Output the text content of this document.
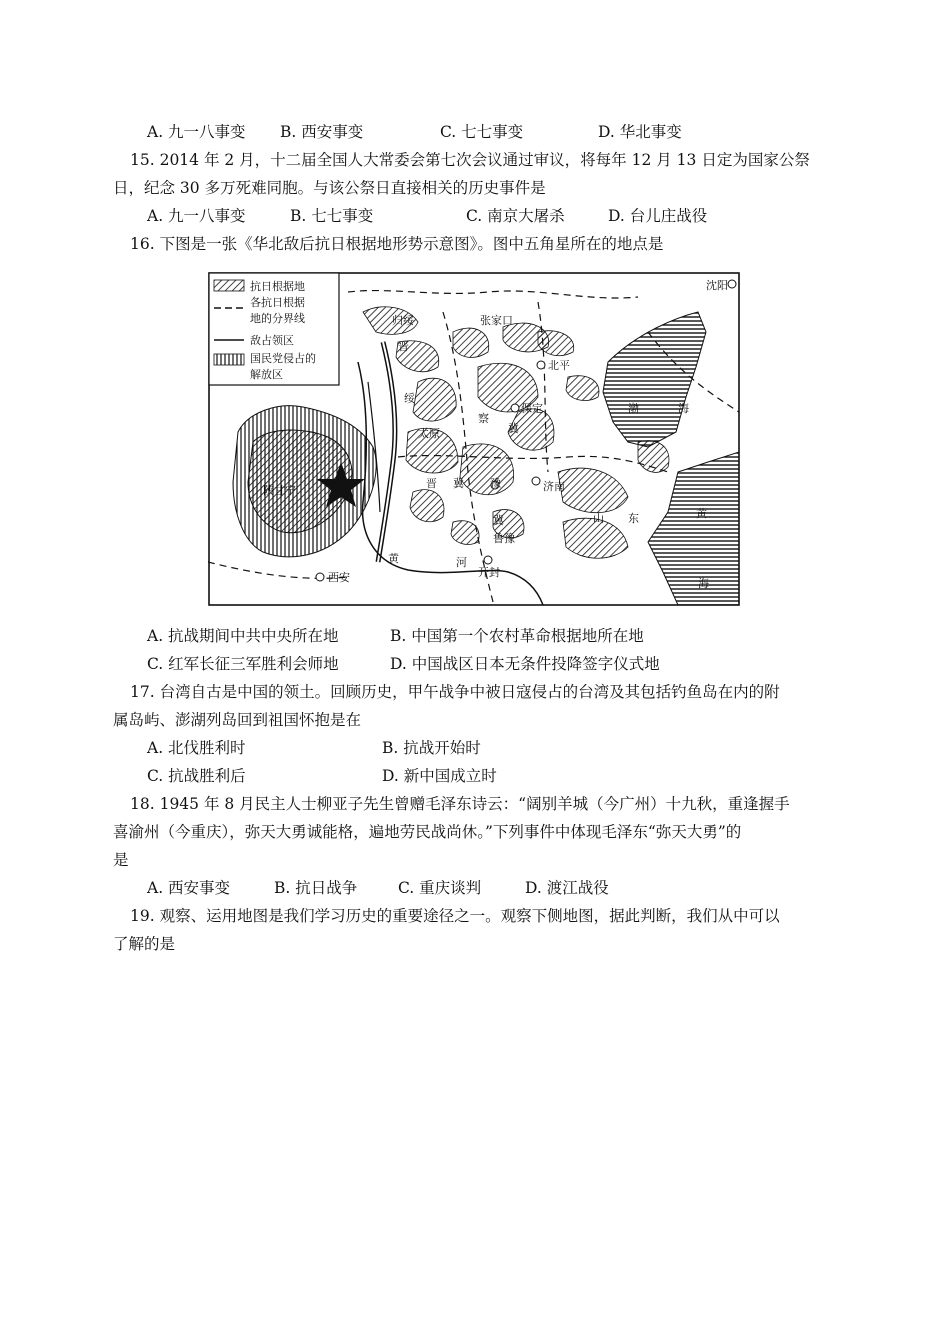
A. 九一八事变 B. 西安事变	C. 七七事变	D. 华北事变
15. 2014 年 2 月，十二届全国人大常委会第七次会议通过审议，将每年 12 月 13 日定为国家公祭
日，纪念 30 多万死难同胞。与该公祭日直接相关的历史事件是
A. 九一八事变	B. 七七事变	C. 南京大屠杀	D. 台儿庄战役
16. 下图是一张《华北敌后抗日根据地形势示意图》。图中五角星所在的地点是
抗日根据地
各抗日根据
地的分界线
敌占领区
国民党侵占的
解放区
沈阳
归绥	张家口
北平
保定
太原
济南
西安	开封
晋
绥
察
冀
晋 冀 豫
陕甘宁
山 东
冀
鲁豫
渤	海
黄
海
黄	河
A. 抗战期间中共中央所在地	B. 中国第一个农村革命根据地所在地
C. 红军长征三军胜利会师地	D. 中国战区日本无条件投降签字仪式地
17. 台湾自古是中国的领土。回顾历史，甲午战争中被日寇侵占的台湾及其包括钓鱼岛在内的附
属岛屿、澎湖列岛回到祖国怀抱是在
A. 北伐胜利时	B. 抗战开始时
C. 抗战胜利后	D. 新中国成立时
18. 1945 年 8 月民主人士柳亚子先生曾赠毛泽东诗云：“阔别羊城（今广州）十九秋，重逢握手
喜渝州（今重庆），弥天大勇诚能格，遍地劳民战尚休。”下列事件中体现毛泽东“弥天大勇”的
是
A. 西安事变	B. 抗日战争	C. 重庆谈判	D. 渡江战役
19. 观察、运用地图是我们学习历史的重要途径之一。观察下侧地图，据此判断，我们从中可以
了解的是
